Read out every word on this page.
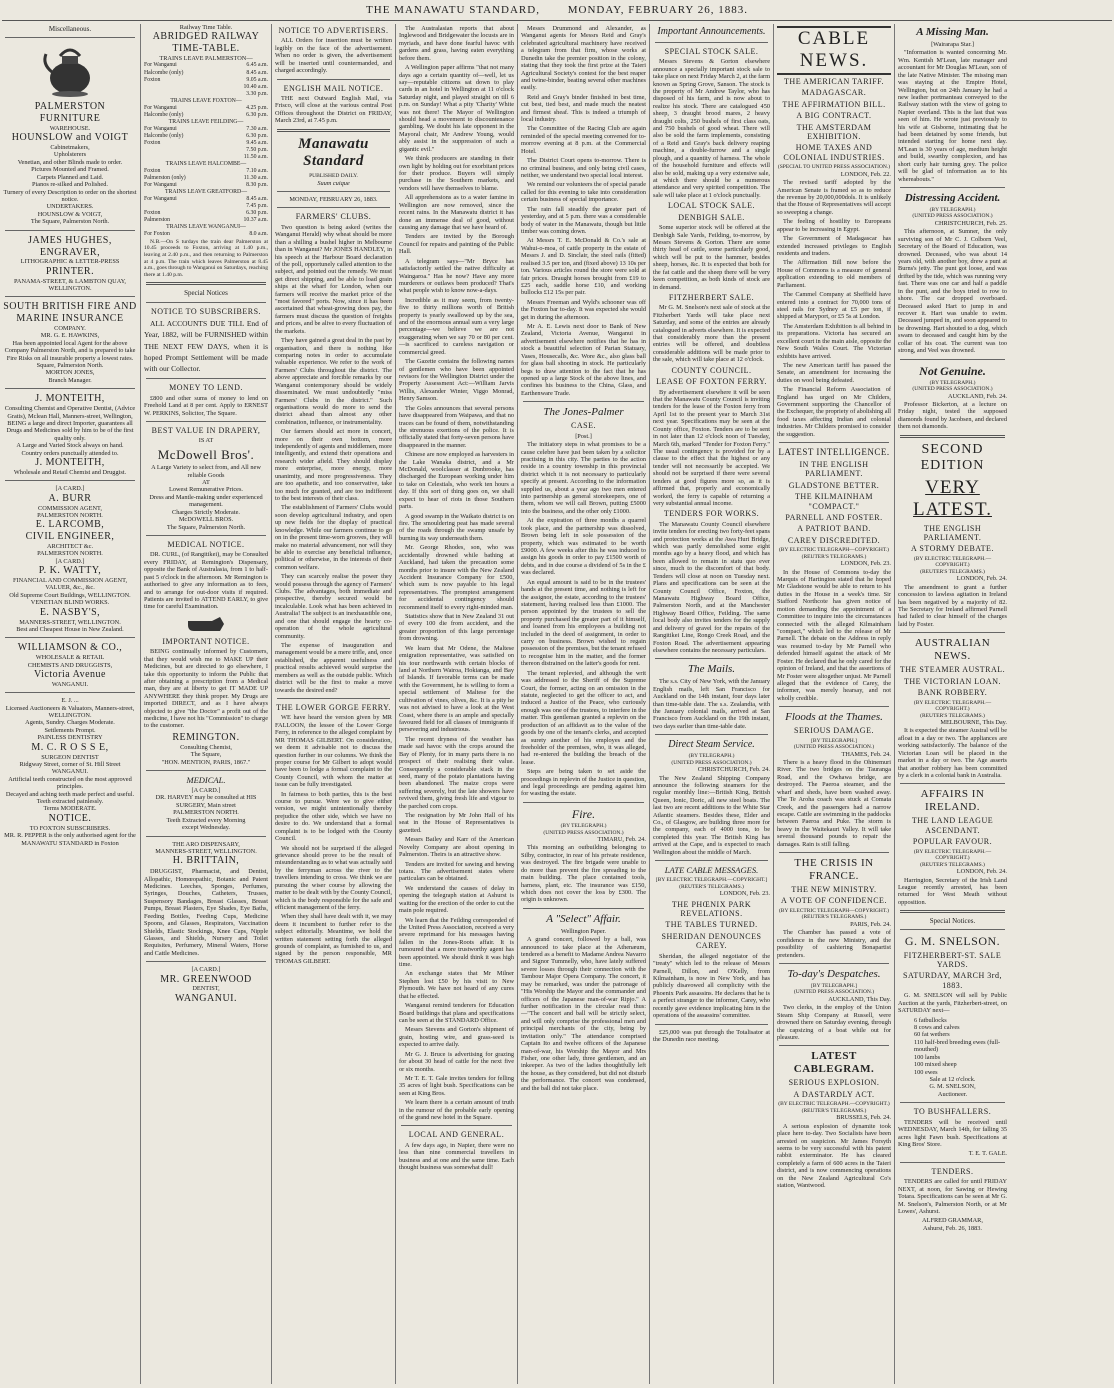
THE MANAWATU STANDARD,	MONDAY, FEBRUARY 26, 1883.
Miscellaneous.
PALMERSTON FURNITURE
WAREHOUSE.
HOUNSLOW and VOIGT
Cabinetmakers,
Upholsterers
Venetian, and other Blinds made to order.
Pictures Mounted and Framed.
Carpets Planned and Laid.
Pianos re-silked and Polished.
Turnery of every Description to order on the shortest notice.
UNDERTAKERS.
HOUNSLOW & VOIGT,
The Square, Palmerston North.
JAMES HUGHES,
ENGRAVER,
LITHOGRAPHIC & LETTER-PRESS
PRINTER.
PANAMA-STREET, & LAMBTON QUAY,
WELLINGTON.
SOUTH BRITISH FIRE AND
MARINE INSURANCE
COMPANY.
MR. G. E. HAWKINS,
Has been appointed local Agent for the above Company Palmerston North, and is prepared to take Fire Risks on all insurable property a lowest rates.
Square, Palmerston North.
MORTON JONES,
Branch Manager.
J. MONTEITH,
Consulting Chemist and Operative Dentist, (Advice Gratis), Mclean Hall, Manners-street, Wellington,
BEING a large and direct Importer, guarantees all Drugs and Medicines sold by him to be of the first quality only.
A Large and Varied Stock always on hand.
Country orders punctually attended to.
J. MONTEITH,
Wholesale and Retail Chemist and Druggist.
[A CARD.]
A. BURR
COMMISSION AGENT,
PALMERSTON NORTH.
E. LARCOMB,
CIVIL ENGINEER,
ARCHITECT &c.
PALMERSTON NORTH.
[A CARD.]
P. K. WATTY,
FINANCIAL AND COMMISSION AGENT, VALUER, &c., &c.
Old Supreme Court Buildings, WELLINGTON.
VENETIAN BLIND WORKS.
E. NASBY'S,
MANNERS-STREET, WELLINGTON.
Best and Cheapest House in New Zealand.
WILLIAMSON & CO.,
WHOLESALE & RETAIL
CHEMISTS AND DRUGGISTS,
Victoria Avenue
WANGANUI.
E. J. ...
Licensed Auctioneers & Valuators, Manners-street,
WELLINGTON.
Agents, Sundry. Charges Moderate.
Settlements Prompt.
PAINLESS DENTISTRY
M. C. R O S S E,
SURGEON DENTIST
Ridgway Street, corner of St. Hill Street WANGANUI.
Artificial teeth constructed on the most approved principles.
Decayed and aching teeth made perfect and useful.
Teeth extracted painlessly.
Terms MODERATE.
NOTICE.
TO FOXTON SUBSCRIBERS.
MR. R. PEPPER is the only authorised agent for the MANAWATU STANDARD in Foxton
Railway Time Table.
ABRIDGED RAILWAY TIME-TABLE.
TRAINS LEAVE PALMERSTON—
For Wanganui	6.45 a.m.
Halcombe (only)	8.45 a.m.
Foxton	9.05 a.m.
10.40 a.m.
3.30 p.m.
TRAINS LEAVE FOXTON—
For Wanganui	4.25 p.m.
Halcombe (only)	6.30 p.m.
TRAINS LEAVE FEILDING—
For Wanganui	7.30 a.m.
Halcombe (only)	6.30 p.m.
Foxton	9.45 a.m.
7.50 p.m.
11.50 a.m.
TRAINS LEAVE HALCOMBE—
Foxton	7.10 a.m.
Palmerston (only)	11.30 a.m.
For Wanganui	8.30 p.m.
TRAINS LEAVE GREATFORD—
For Wanganui	8.45 a.m.
7.45 p.m.
Foxton	6.30 p.m.
Palmerston	10.37 a.m.
TRAINS LEAVE WANGANUI—
For Foxton	8.0 a.m.

N.B.—On S turdays the train dear Palmerston at 10.45 proceeds to Foxton, arriving at 1.40 p.m., leaving at 2.40 p.m., and then returning to Palmerston at 4 p.m. The train which leaves Palmerston at 8.45 a.m., goes through to Wanganui on Saturdays, reaching there at 1.40 p.m.

Special Notices
NOTICE TO SUBSCRIBERS.

ALL ACCOUNTS DUE TILL End of Year, 1882, will be FURNISHED within THE NEXT FEW DAYS, when it is hoped Prompt Settlement will be made with our Collector.

MONEY TO LEND.

£800 and other sums of money to lend on Freehold Land at 8 per cent. Apply to ERNEST W. PERKINS, Solicitor, The Square.

BEST VALUE IN DRAPERY,
IS AT
McDowell Bros'.
A Large Variety to select from, and All new reliable Goods
AT
Lowest Remunerative Prices.
Dress and Mantle-making under experienced management.
Charges Strictly Moderate.
McDOWELL BROS.
The Square, Palmerston North.
MEDICAL NOTICE.

DR. CURL, (of Rangitikei), may be Consulted every FRIDAY, at Remington's Dispensary, opposite the Bank of Australasia, from 1 to half-past 5 o'clock in the afternoon. Mr Remington is authorised to give any information as to fees, and to arrange for out-door visits if required. Patients are invited to ATTEND EARLY, to give time for careful Examination.

IMPORTANT NOTICE.

BEING continually informed by Customers, that they would wish me to MAKE UP their Medicines, but are directed to go elsewhere, I take this opportunity to inform the Public that after obtaining a prescription from a Medical man, they are at liberty to get IT MADE UP ANYWHERE they think proper. My Drugs are imported DIRECT, and as I have always objected to give "the Doctor" a profit out of the medicine, I have not his "Commission" to charge to the customer.

REMINGTON.
Consulting Chemist,
The Square,
"HON. MENTION, PARIS, 1867."
MEDICAL.
[A CARD.]
DR. HARVEY may be consulted at HIS SURGERY, Main street
PALMERSTON NORTH.
Teeth Extracted every Morning
except Wednesday.
THE ARO DISPENSARY,
MANNERS-STREET, WELLINGTON.
H. BRITTAIN,

DRUGGIST, Pharmacist, and Dentist, Allopathic, Homœopathic, Botanic and Patent Medicines. Leeches, Sponges, Perfumes, Syringes, Douches, Catheters, Trusses, Suspensory Bandages, Breast Glasses, Breast Pumps, Breast Plasters, Eye Shades, Eye Baths, Feeding Bottles, Feeding Cups, Medicine Spoons, and Glasses, Respirators, Vaccination Shields, Elastic Stockings, Knee Caps, Nipple Glasses, and Shields, Nursery and Toilet Requisites, Perfumery, Mineral Waters, Horse and Cattle Medicines.

[A CARD.]
MR. GREENWOOD
DENTIST,
WANGANUI.
NOTICE TO ADVERTISERS.

ALL Orders for insertion must be written legibly on the face of the advertisement. When no order is given, the advertisement will be inserted until countermanded, and charged accordingly.

ENGLISH MAIL NOTICE.

THE next Outward English Mail, via Frisco, will close at the various central Post Offices throughout the District on FRIDAY, March 23rd, at 7.45 p.m.

Manawatu Standard
PUBLISHED DAILY.
Suum cuique
MONDAY, FEBRUARY 26, 1883.
FARMERS' CLUBS.

Two question is being asked (writes the Wanganui Herald) why wheat should be more than a shilling a bushel higher in Melbourne than in Wanganui? Mr JONES HANDLEY, in his speech at the Harbour Board declaration of the poll, opportunely called attention to the subject, and pointed out the remedy. We must get direct shipping, and be able to load grain ships at the wharf for London, when our farmers will receive the market price of the "most favored" ports. Now, since it has been ascertained that wheat-growing does pay, the farmers must discuss the question of freights and prices, and be alive to every fluctuation of the markets.

They have gained a great deal in the past by organisation, and there is nothing like comparing notes in order to accumulate valuable experience. We refer to the work of Farmers' Clubs throughout the district. The above appreciate and forcible remarks by our Wanganui contemporary should be widely disseminated. We must undoubtedly "miss Farmers' Clubs in the district." Such organisations would do more to send the district ahead than almost any other combination, influence, or instrumentality.

Our farmers should act more in concert, more on their own bottom, more independently of agents and middlemen, more intelligently, and extend their operations and research wider afield. They should display more enterprise, more energy, more unanimity, and more progressiveness. They are too apathetic, and too conservative, take too much for granted, and are too indifferent to the best interests of their class.

The establishment of Farmers' Clubs would soon develop agricultural industry, and open up new fields for the display of practical knowledge. While our farmers continue to go on in the present time-worn grooves, they will make no material advancement, nor will they be able to exercise any beneficial influence, political or otherwise, in the interests of their common welfare.

They can scarcely realise the power they would possess through the agency of Farmers' Clubs. The advantages, both immediate and prospective, thereby secured would be incalculable. Look what has been achieved in Australia! The subject is an inexhaustible one, and one that should engage the hearty co-operation of the whole agricultural community.

The expense of inauguration and management would be a mere trifle, and, once established, the apparent usefulness and practical results achieved would surprise the members as well as the outside public. Which district will be the first to make a move towards the desired end?

THE LOWER GORGE FERRY.

WE have heard the version given by MR FALLOON, the lessee of the Lower Gorge Ferry, in reference to the alleged complaint by MR THOMAS GILBERT. On consideration, we deem it advisable not to discuss the question further in our columns. We think the proper course for Mr Gilbert to adopt would have been to lodge a formal complaint to the County Council, with whom the matter at issue can be fully investigated.

In fairness to both parties, this is the best course to pursue. Were we to give either version, we might unintentionally thereby prejudice the other side, which we have no desire to do. We understand that a formal complaint is to be lodged with the County Council.

We should not be surprised if the alleged grievance should prove to be the result of misunderstanding as to what was actually said by the ferryman across the river to the travellers intending to cross. We think we are pursuing the wiser course by allowing the matter to be dealt with by the County Council, which is the body responsible for the safe and efficient management of the ferry.

When they shall have dealt with it, we may deem it incumbent to further refer to the subject editorially. Meantime, we hold the written statement setting forth the alleged grounds of complaint, as furnished to us, and signed by the person responsible, MR THOMAS GILBERT.

The Australasian reports that about Inglewood and Bridgewater the locusts are in myriads, and have done fearful havoc with gardens and grass, having eaten everything before them.

A Wellington paper affirms "that not many days ago a certain quantity of—well, let us say—reputable citizens sat down to play cards in an hotel in Wellington at 11 o'clock Saturday night, and played straight on till 6 p.m. on Sunday! What a pity 'Charity' White was not there! The Mayor of Wellington should head a movement to discountenance gambling. We doubt his late opponent in the Mayoral chair, Mr Andrew Young, would ably assist in the suppression of such a gigantic evil."

We think producers are standing in their own light by holding out for exorbitant prices for their produce. Buyers will simply purchase in the Southern markets, and vendors will have themselves to blame.

All apprehensions as to a water famine in Wellington are now removed, since the recent rains. In the Manawatu district it has done an immense deal of good, without causing any damage that we have heard of.

Tenders are invited by the Borough Council for repairs and painting of the Public Hall.

A telegram says—"Mr Bryce has satisfactorily settled the native difficulty at Waingaroa." Has he now? Have any more murderers or outlaws been produced? That's what people wish to know now-a-days.

Incredible as it may seem, from twenty-five to thirty millions worth of British property is yearly swallowed up by the sea, and of the enormous annual sum a very large percentage—we believe we are not exaggerating when we say 70 or 80 per cent.—is sacrificed to careless navigation or commercial greed.

The Gazette contains the following names of gentlemen who have been appointed revisors for the Wellington District under the Property Assessment Act:—William Jarvis Willis, Alexander Winter, Viggo Monrad, Henry Samson.

The Goles announces that several persons have disappeared from Waipawa, and that no traces can be found of them, notwithstanding the strenuous exertions of the police. It is officially stated that forty-seven persons have disappeared in the manner.

Chinese are now employed as harvesters in the Lake Wanaka district, and a Mr McDonald, woolclasser at Dunbrooke, has discharged the European working under him to take on Celestials, who work ten hours a day. If this sort of thing goes on, we shall expect to hear of riots in those Southern parts.

A good swamp in the Waikato district is on fire. The smouldering peat has made several of the roads through the swamp unsafe by burning its way underneath them.

Mr. George Rhodes, son, who was accidentally drowned while bathing at Auckland, had taken the precaution some months prior to insure with the New Zealand Accident Insurance Company for £500, which sum is now payable to his legal representatives. The promptest arrangement for accidental contingency should recommend itself to every right-minded man.

Statistics show that in New Zealand 31 out of every 100 die from accident, and the greater proportion of this large percentage from drowning.

We learn that Mr Odene, the Maltese emigration representative, was satisfied on his tour northwards with certain blocks of land at Northern Wairoa, Hokianga, and Bay of Islands. If favorable terms can be made with the Government, he is willing to form a special settlement of Maltese for the cultivation of vines, olives, &c. It is a pity he was not advised to have a look at the West Coast, where there is an ample and specially favoured field for all classes of immigrants if persevering and industrious.

The recent dryness of the weather has made sad havoc with the crops around the Bay of Plenty, for in many parts there is no prospect of their realising their value. Consequently a considerable stack in the seed, many of the potato plantations having been abandoned. The maize crops were suffering severely, but the late showers have revived them, giving fresh life and vigour to the parched corn crops.

The resignation by Mr John Hall of his seat in the House of Representatives is gazetted.

Messrs Bailey and Karr of the American Novelty Company are about opening in Palmerston. Theirs is an attractive show.

Tenders are invited for sawing and hewing totara. The advertisement states where particulars can be obtained.

We understand the causes of delay in opening the telegraph station at Ashurst is waiting for the erection of the order to cut the main pole required.

We learn that the Feilding corresponded of the United Press Association, received a very severe reprimand for his messages having fallen in the Jones-Roots affair. It is rumoured that a more trustworthy agent has been appointed. We should think it was high time.

An exchange states that Mr Milner Stephen lost £50 by his visit to New Plymouth. We have not heard of any cures that he effected.

Wanganui remind tenderers for Education Board buildings that plans and specifications can be seen at the STANDARD Office.

Messrs Stevens and Gorton's shipment of grain, hosting wire, and grass-seed is expected to arrive daily.

Mr G. J. Bruce is advertising for grazing for about 30 head of cattle for the next five or six months.

Mr T. E. T. Gale invites tenders for felling 35 acres of light bush. Specifications can be seen at King Bros.

We learn there is a certain amount of truth in the rumour of the probable early opening of the grand new hotel in the Square.

LOCAL AND GENERAL.

A few days ago, in Napier, there were no less than nine commercial travellers in business and at one and the same time. Each thought business was somewhat dull!

Messrs Drummond and Alexander, as Wanganui agents for Messrs Reid and Gray's celebrated agricultural machinery have received a telegram from that firm, whose works at Dunedin take the premier position in the colony, stating that they took the first prize at the Taieri Agricultural Society's contest for the best reaper and twine-binder, beating several other machines easily.

Reid and Gray's binder finished in best time, cut best, tied best, and made much the neatest and firmest sheaf. This is indeed a triumph of local industry.

The Committee of the Racing Club are again reminded of the special meeting convened for to-morrow evening at 8 p.m. at the Commercial Hotel.

The District Court opens to-morrow. There is no criminal business, and only being civil cases, neither, we understand two special local interest.

We remind our volunteers the of special parade called for this evening to take into consideration certain business of special importance.

The rain fall steadily the greater part of yesterday, and at 5 p.m. there was a considerable body of water in the Manawatu, though but little timber was coming down.

At Messrs T. E. McDonald & Co.'s sale at Wahui-o-moa, of cattle property in the estate of Messrs J. and D. Sinclair, the steel rails (fitted) realised 3.5 per ton, and (fixed above) 13 10s per ton. Various articles round the store were sold at fair prices. Draught horses brought from £19 to £25 each, saddle horse £10, and working bullocks £12 15s per pair.

Messrs Freeman and Wyld's schooner was off the Foxton bar to-day. It was expected she would get in during the afternoon.

Mr A. E. Lewis next door to Bank of New Zealand, Victoria Avenue, Wanganui in advertisement elsewhere notifies that he has in stock a beautiful selection of Parian Statuary, Vases, Housecalls, &c. Wore &c., also glass ball for glass ball shooting in stock. He particularly begs to draw attention to the fact that he has opened up a large Stock of the above lines, and confines his business to the China, Glass, and Earthenware Trade.

The Jones-Palmer
CASE.
[Post.]

The initiatory steps in what promises to be a cause celebre have just been taken by a solicitor practising in this city. The parties to the action reside in a country township in this provincial district which it is not necessary to particularly specify at present. According to the information supplied us, about a year ago two men entered into partnership as general storekeepers, one of them, whom we will call Brown, putting £5000 into the business, and the other only £1000.

At the expiration of three months a quarrel took place, and the partnership was dissolved, Brown being left in sole possession of the property, which was estimated to be worth £9000. A few weeks after this he was induced to assign his goods in order to pay £1500 worth of debts, and in due course a dividend of 5s in the £ was declared.

An equal amount is said to be in the trustees' hands at the present time, and nothing is left for the assignor, the estate, according to the trustees' statement, having realised less than £1000. The person appointed by the trustees to sell the property purchased the greater part of it himself, and loaned from his employees a building not included in the deed of assignment, in order to carry on business. Brown wished to regain possession of the premises, but the tenant refused to recognise him in the matter, and the former thereon distrained on the latter's goods for rent.

The tenant replevied, and although the writ was addressed to the Sheriff of the Supreme Court, the former, acting on an omission in the statute, neglected to get the officer to act, and induced a Justice of the Peace, who curiously enough was one of the trustees, to interfere in the matter. This gentleman granted a replevin on the production of an affidavit as to the value of the goods by one of the tenant's clerks, and accepted as surety another of his employes and the freeholder of the premises, who, it was alleged, had re-entered the building the breach of the lease.

Steps are being taken to set aside the proceedings in replevin of the Justice in question, and legal proceedings are pending against him for wasting the estate.

Fire.
(BY TELEGRAPH.)
(UNITED PRESS ASSOCIATION.)
TIMARU, Feb. 24.

This morning an outbuilding belonging to Silby, contractor, in rear of his private residence, was destroyed. The fire brigade were unable to do more than prevent the fire spreading to the main building. The place contained tools, harness, plant, etc. The insurance was £150, which does not cover the loss by £300. The origin is unknown.

A "Select" Affair.
Wellington Paper.

A grand concert, followed by a ball, was announced to take place at the Athenæum, tendered as a benefit to Madame Andrea Navarro and Signor Tummelly, who, have lately suffered severe losses through their connection with the Tambour Major Opera Company. The concert, it may be remarked, was under the patronage of "His Worship the Mayor and the commander and officers of the Japanese man-of-war Ripjo." A further notification in the circular read thus:—"The concert and ball will be strictly select, and will only comprise the professional men and principal merchants of the city, being by invitation only." The attendance comprised Captain Ito and twelve officers of the Japanese man-of-war, his Worship the Mayor and Mrs Fisher, one other lady, three gentlemen, and an inkeeper. As two of the ladies thoughtfully left the house, as they considered, but did not disturb the performance. The concert was condensed, and the ball did not take place.

Important Announcements.
SPECIAL STOCK SALE.

Messrs Stevens & Gorton elsewhere announce a specially important stock sale to take place on next Friday March 2, at the farm known as Spring Grove, Sanson. The stock is the property of Mr Andrew Taylor, who has disposed of his farm, and is now about to realize his stock. There are catalogued 450 sheep, 3 draught brood mares, 2 heavy draught colts, 250 bushels of first class oats, and 750 bushels of good wheat. There will also be sold the farm implements, consisting of a Reid and Gray's back delivery reaping machine, a double-furrow and a single plough, and a quantity of harness. The whole of the household furniture and effects will also be sold, making up a very extensive sale, at which there should be a numerous attendance and very spirited competition. The sale will take place at 1 o'clock punctually.

LOCAL STOCK SALE.
DENBIGH SALE.

Some superior stock will be offered at the Denbigh Sale Yards, Feilding, to-morrow, by Messrs Stevens & Gorton. There are some thirty head of cattle, some particularly good, which will be put to the hammer, besides sheep, horses, &c. It is expected that both for the fat cattle and the sheep there will be very keen competition, as both kinds of stock are in demand.

FITZHERBERT SALE.

Mr G. M. Snelson's next sale of stock at the Fitzherbert Yards will take place next Saturday, and some of the entries are already catalogued in adverts elsewhere. It is expected that considerably more than the present entries will be offered, and doubtless considerable additions will be made prior to the sale, which will take place at 12 o'clock.

COUNTY COUNCIL.
LEASE OF FOXTON FERRY.

By advertisement elsewhere it will be seen that the Manawatu County Council is inviting tenders for the lease of the Foxton ferry from April 1st to the present year to March 31st next year. Specifications may be seen at the County office, Foxton. Tenders are to be sent in not later than 12 o'clock noon of Tuesday, March 6th, marked "Tender for Foxton Ferry." The usual contingency is provided for by a clause to the effect that the highest or any tender will not necessarily be accepted. We should not be surprised if there were several tenders at good figures more so, as it is affirmed that, properly and economically worked, the ferry is capable of returning a very substantial annual income.

TENDERS FOR WORKS.

The Manawatu County Council elsewhere invite tenders for erecting two forty-feet spans and protection works at the Awa Huri Bridge, which was partly demolished some eight months ago by a heavy flood, and which has been allowed to remain in statu quo ever since, much to the discomfort of that body. Tenders will close at noon on Tuesday next. Plans and specifications can be seen at the County Council Office, Foxton, the Manawatu Highway Board Office, Palmerston North, and at the Manchester Highway Board Office, Feilding. The same local body also invites tenders for the supply and delivery of gravel for the repairs of the Rangitikei Line, Rongo Creek Road, and the Foxton Road. The advertisement appearing elsewhere contains the necessary particulars.

The Mails.

The s.s. City of New York, with the January English mails, left San Francisco for Auckland on the 14th instant, four days later than time-table date. The s.s. Zealandia, with the January colonial mails, arrived at San Francisco from Auckland on the 19th instant, two days earlier than time-table date.

Direct Steam Service.
(BY TELEGRAPH.)
(UNITED PRESS ASSOCIATION.)
CHRISTCHURCH, Feb. 24.

The New Zealand Shipping Company announce the following steamers for the regular monthly line:—British King, British Queen, Ionic, Doric, all new steel boats. The last two are recent additions to the White Star Atlantic steamers. Besides these, Elder and Co., of Glasgow, are building three more for the company, each of 4000 tons, to be completed this year. The British King has arrived at the Cape, and is expected to reach Wellington about the middle of March.

LATE CABLE MESSAGES.
[BY ELECTRIC TELEGRAPH.—COPYRIGHT.]
(REUTER'S TELEGRAMS.)
LONDON, Feb. 23.
THE PHŒNIX PARK REVELATIONS.
THE TABLES TURNED.
SHERIDAN DENOUNCES CAREY.

Sheridan, the alleged negotiator of the "treaty" which led to the release of Messrs Parnell, Dillon, and O'Kelly, from Kilmainham, is now in New York, and has publicly disavowed all complicity with the Phoenix Park assassins. He declares that he is a perfect stranger to the informer, Carey, who recently gave evidence implicating him in the operations of the assassins' committee.

£25,000 was put through the Totalisator at the Dunedin race meeting.

CABLE NEWS.
THE AMERICAN TARIFF.
MADAGASCAR.
THE AFFIRMATION BILL.
A BIG CONTRACT.
THE AMSTERDAM EXHIBITION.
HOME TAXES AND COLONIAL INDUSTRIES.
(SPECIAL TO UNITED PRESS ASSOCIATION.)
LONDON, Feb. 22.

The revised tariff adopted by the American Senate is framed so as to reduce the revenue by 20,000,000dols. It is unlikely that the House of Representatives will accept so sweeping a change.

The feeling of hostility to Europeans appear to be increasing in Egypt.

The Government of Madagascar has extended increased privileges to English residents and traders.

The Affirmation Bill now before the House of Commons is a measure of general application extending to old members of Parliament.

The Cammel Company at Sheffield have entered into a contract for 70,000 tons of steel rails for Sydney at £5 per ton, if shipped at Maryport, or £5 5s at London.

The Amsterdam Exhibition is all behind in its preparations. Victoria has secured an excellent court in the main aisle, opposite the New South Wales Court. The Victorian exhibits have arrived.

The new American tariff has passed the Senate, an amendment for increasing the duties on wool being defeated.

The Financial Reform Association of England has urged on Mr Childers, Government supporting the Chancellor of the Exchequer, the propriety of abolishing all food taxes affecting Indian and colonial industries. Mr Childers promised to consider the suggestion.

LATEST INTELLIGENCE.
IN THE ENGLISH PARLIAMENT.
GLADSTONE BETTER.
THE KILMAINHAM "COMPACT."
PARNELL AND FOSTER.
A PATRIOT BAND.
CAREY DISCREDITED.
(BY ELECTRIC TELEGRAPH—COPYRIGHT.)
(REUTER'S TELEGRAMS.)
LONDON, Feb. 23.

In the House of Commons to-day the Marquis of Hartington stated that he hoped Mr Gladstone would be able to return to his duties in the House in a week's time. Sir Stafford Northcote has given notice of motion demanding the appointment of a Committee to inquire into the circumstances connected with the alleged Kilmainham "compact," which led to the release of Mr Parnell. The debate on the Address in reply was resumed to-day by Mr Parnell who defended himself against the attack of Mr Foster. He declared that he only cared for the opinion of Ireland, and that the assertions of Mr Foster were altogether unjust. Mr Parnell alleged that the evidence of Carey, the informer, was merely hearsay, and not wholly credible.

Floods at the Thames.
SERIOUS DAMAGE.
[BY TELEGRAPH.]
(UNITED PRESS ASSOCIATION.)
THAMES, Feb. 24.

There is a heavy flood in the Ohinemuri River. The two bridges on the Tauranga Road, and the Owhawa bridge, are destroyed. The Paeroa steamer, and the wharf and sheds, have been washed away. The Te Aroha coach was stuck at Comata Creek, and the passengers had a narrow escape. Cattle are swimming in the paddocks between Paeroa and Puke. The storm is heavy in the Waitekauri Valley. It will take several thousand pounds to repair the damages. Rain is still falling.

THE CRISIS IN FRANCE.
THE NEW MINISTRY.
A VOTE OF CONFIDENCE.
(BY ELECTRIC TELEGRAPH—COPYRIGHT.)
(REUTER'S TELEGRAMS.)
PARIS, Feb. 24.

The Chamber has passed a vote of confidence in the new Ministry, and the possibility of cashiering Bonapartist pretenders.

To-day's Despatches.
[BY TELEGRAPH.]
(UNITED PRESS ASSOCIATION.)
AUCKLAND, This Day.

Two clerks, in the employ of the Union Steam Ship Company at Russell, were drowned there on Saturday evening, through the capsizing of a boat while out for pleasure.

LATEST CABLEGRAM.
SERIOUS EXPLOSION.
A DASTARDLY ACT.
(BY ELECTRIC TELEGRAPH.—COPYRIGHT.)
(REUTER'S TELEGRAMS.)
BRUSSELS, Feb. 24.

A serious explosion of dynamite took place here to-day. Two Socialists have been arrested on suspicion. Mr James Forsyth seems to be very successful with his patent rabbit exterminator. He has cleared completely a farm of 600 acres in the Taieri district, and is now commencing operations on the New Zealand Agricultural Co's station, Wantwood.

A Missing Man.
[Wairarapa Star.]

"Information is wanted concerning Mr. Wm. Kentish M'Lean, late manager and accountant for Mr Douglas M'Lean, son of the late Native Minister. The missing man was staying at the Empire Hotel, Wellington, but on 24th January he had a new leather portmanteau conveyed to the Railway station with the view of going to Napier overland. This is the last that was seen of him. He wrote just previously to his wife at Gisborne, intimating that he had been detained by some friends, but intended starting for home next day. M'Lean is 30 years of age, medium height and build, swarthy complexion, and has short curly hair turning grey. The police will be glad of information as to his whereabouts."

Distressing Accident.
(BY TELEGRAPH.)
(UNITED PRESS ASSOCIATION.)
CHRISTCHURCH, Feb. 25.

This afternoon, at Sumner, the only surviving son of Mr C. J. Colborn Veel, Secretary of the Board of Education, was drowned. Deceased, who was about 14 years old, with another boy, drew a punt at Burns's jetty. The punt got loose, and was drifted by the tide, which was running very fast. There was one car and half a paddle in the punt, and the boys tried to row to shore. The car dropped overboard. Deceased asked Hart to jump in and recover it. Hart was unable to swim. Deceased jumped in, and soon appeared to be drowning. Hart shouted to a dog, which swam to deceased and caught him by the collar of his coat. The current was too strong, and Veel was drowned.

Not Genuine.
(BY TELEGRAPH.)
(UNITED PRESS ASSOCIATION.)
AUCKLAND, Feb. 24.

Professor Bickerton, at a lecture on Friday night, tested the supposed diamonds found by Jacobsen, and declared them not diamonds.

SECOND EDITION
VERY LATEST.
THE ENGLISH PARLIAMENT.
A STORMY DEBATE.
(BY ELECTRIC TELEGRAPH.—COPYRIGHT.)
(REUTER'S TELEGRAMS.)
LONDON, Feb. 24.

The amendment to grant a further concession to lawless agitation in Ireland has been negatived by a majority of 82. The Secretary for Ireland affirmed Parnell had failed to clear himself of the charges laid by Foster.

AUSTRALIAN NEWS.
THE STEAMER AUSTRAL.
THE VICTORIAN LOAN.
BANK ROBBERY.
(BY ELECTRIC TELEGRAPH.—COPYRIGHT.)
(REUTER'S TELEGRAMS.)
MELBOURNE, This Day.

It is expected the steamer Austral will be afloat in a day or two. The appliances are working satisfactorily. The balance of the Victorian Loan will be placed in the market in a day or two. The Age asserts that another robbery has been committed by a clerk in a colonial bank in Australia.

AFFAIRS IN IRELAND.
THE LAND LEAGUE ASCENDANT.
POPULAR FAVOUR.
(BY ELECTRIC TELEGRAPH.—COPYRIGHT.)
(REUTER'S TELEGRAMS.)
LONDON, Feb. 24.

Harrington, Secretary of the Irish Land League recently arrested, has been returned for West Meath without opposition.

Special Notices.
G. M. SNELSON.
FITZHERBERT-ST. SALE YARDS.
SATURDAY, MARCH 3rd, 1883.

G. M. SNELSON will sell by Public Auction at the yards, Fitzherbert-street, on SATURDAY next—

6 fatbullocks
8 cows and calves
60 fat wethers
110 half-bred breeding ewes (full-mouthed)
100 lambs
100 mixed sheep
100 ewes
Sale at 12 o'clock.
G. M. SNELSON,
Auctioneer.
TO BUSHFALLERS.

TENDERS will be received until WEDNESDAY, March 14th, for falling 35 acres light Fawn bush. Specifications at King Bros' Store.

T. E. T. GALE.
TENDERS.

TENDERS are called for until FRIDAY NEXT, at noon, for Sawing or Hewing Totara. Specifications can be seen at Mr G. M. Snelson's, Palmerston North, or at Mr Lowes', Ashurst.

ALFRED GRAMMAR,
Ashurst, Feb. 26, 1883.
